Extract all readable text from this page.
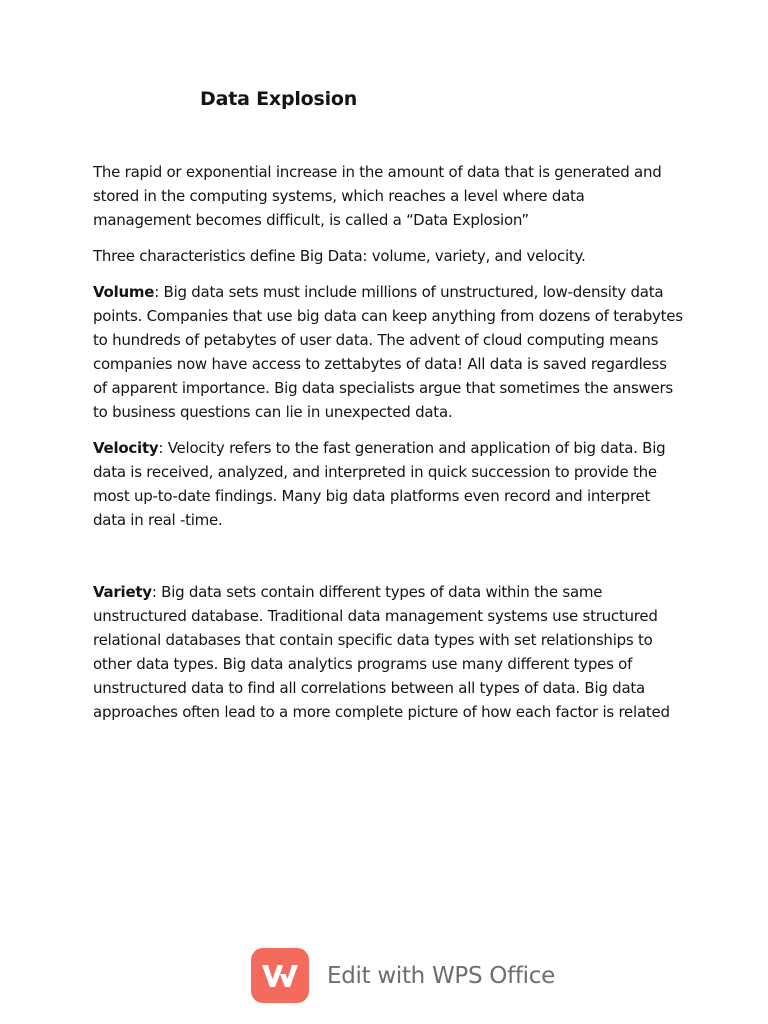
Data Explosion

The rapid or exponential increase in the amount of data that is generated and stored in the computing systems, which reaches a level where data management becomes difficult, is called a “Data Explosion”

Three characteristics define Big Data: volume, variety, and velocity.

Volume: Big data sets must include millions of unstructured, low-density data points. Companies that use big data can keep anything from dozens of terabytes to hundreds of petabytes of user data. The advent of cloud computing means companies now have access to zettabytes of data! All data is saved regardless of apparent importance. Big data specialists argue that sometimes the answers to business questions can lie in unexpected data.

Velocity: Velocity refers to the fast generation and application of big data. Big data is received, analyzed, and interpreted in quick succession to provide the most up-to-date findings. Many big data platforms even record and interpret data in real -time.

Variety: Big data sets contain different types of data within the same unstructured database. Traditional data management systems use structured relational databases that contain specific data types with set relationships to other data types. Big data analytics programs use many different types of unstructured data to find all correlations between all types of data. Big data approaches often lead to a more complete picture of how each factor is related

Edit with WPS Office
